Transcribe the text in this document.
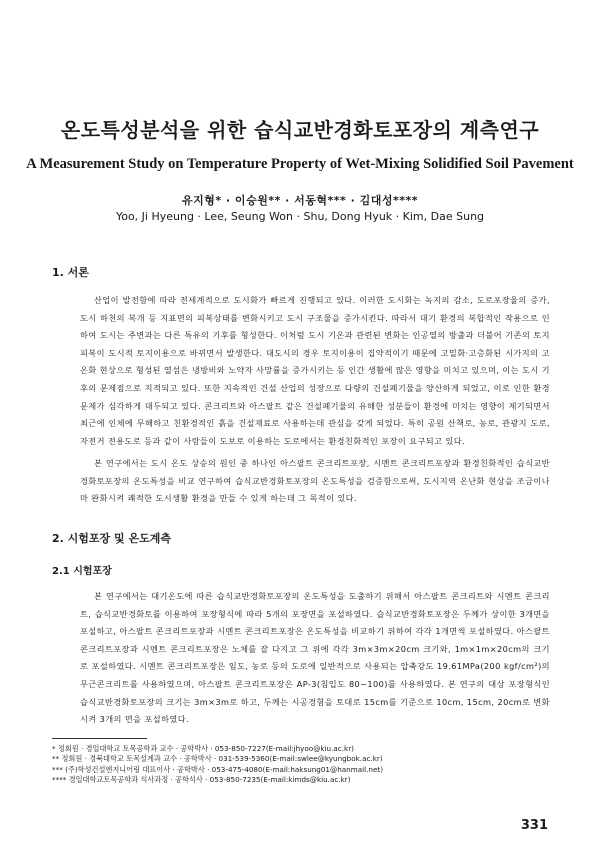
온도특성분석을 위한 습식교반경화토포장의 계측연구
A Measurement Study on Temperature Property of Wet-Mixing Solidified Soil Pavement
유지형* · 이승원** · 서동혁*** · 김대성****
Yoo, Ji Hyeung · Lee, Seung Won · Shu, Dong Hyuk · Kim, Dae Sung
1. 서론

산업이 발전함에 따라 전세계적으로 도시화가 빠르게 진행되고 있다. 이러한 도시화는 녹지의 감소, 도로포장율의 증가, 도시 하천의 복개 등 지표면의 피복상태를 변화시키고 도시 구조물을 증가시킨다. 따라서 대기 환경의 복합적인 작용으로 인하여 도시는 주변과는 다른 특유의 기후를 형성한다. 이처럼 도시 기온과 관련된 변화는 인공열의 방출과 더불어 기존의 토지피복이 도시적 토지이용으로 바뀌면서 발생한다. 대도시의 경우 토지이용이 집약적이기 때문에 고밀화·고층화된 시가지의 고온화 현상으로 형성된 열섬은 냉방비와 노약자 사망률을 증가시키는 등 인간 생활에 많은 영향을 미치고 있으며, 이는 도시 기후의 문제점으로 지적되고 있다. 또한 지속적인 건설 산업의 성장으로 다량의 건설폐기물을 양산하게 되었고, 이로 인한 환경문제가 심각하게 대두되고 있다. 콘크리트와 아스팔트 같은 건설폐기물의 유해한 성분들이 환경에 미치는 영향이 제기되면서 최근에 인체에 무해하고 친환경적인 흙을 건설재료로 사용하는데 관심을 갖게 되었다. 특히 공원 산책로, 농로, 관광지 도로, 자전거 전용도로 등과 같이 사람들이 도보로 이용하는 도로에서는 환경친화적인 포장이 요구되고 있다.

본 연구에서는 도시 온도 상승의 원인 중 하나인 아스팔트 콘크리트포장, 시멘트 콘크리트포장과 환경친화적인 습식교반경화토포장의 온도특성을 비교 연구하여 습식교반경화토포장의 온도특성을 검증함으로써, 도시지역 온난화 현상을 조금이나마 완화시켜 쾌적한 도시생활 환경을 만들 수 있게 하는데 그 목적이 있다.

2. 시험포장 및 온도계측
2.1 시험포장

본 연구에서는 대기온도에 따른 습식교반경화토포장의 온도특성을 도출하기 위해서 아스팔트 콘크리트와 시멘트 콘크리트, 습식교반경화토를 이용하여 포장형식에 따라 5개의 포장면을 포설하였다. 습식교반경화토포장은 두께가 상이한 3개면을 포설하고, 아스팔트 콘크리트포장과 시멘트 콘크리트포장은 온도특성을 비교하기 위하여 각각 1개면씩 포설하였다. 아스팔트 콘크리트포장과 시멘트 콘크리트포장은 노체를 잘 다지고 그 위에 각각 3m×3m×20cm 크기와, 1m×1m×20cm의 크기로 포설하였다. 시멘트 콘크리트포장은 임도, 농로 등의 도로에 일반적으로 사용되는 압축강도 19.61MPa(200 kgf/cm²)의 무근콘크리트를 사용하였으며, 아스팔트 콘크리트포장은 AP-3(침입도 80~100)를 사용하였다. 본 연구의 대상 포장형식인 습식교반경화토포장의 크기는 3m×3m로 하고, 두께는 시공경험을 토대로 15cm를 기준으로 10cm, 15cm, 20cm로 변화시켜 3개의 면을 포설하였다.

* 정회원 · 경일대학교 토목공학과 교수 · 공학박사 · 053-850-7227(E-mail:jhyoo@kiu.ac.kr)
** 정회원 · 경북대학교 토목설계과 교수 · 공학박사 · 031-539-5360(E-mail:swlee@kyungbok.ac.kr)
*** (주)학성건설엔지니어링 대표이사 · 공학박사 · 053-475-4080(E-mail:haksung01@hanmail.net)
**** 경일대학교토목공학과 석사과정 · 공학석사 · 053-850-7235(E-mail:kimds@kiu.ac.kr)
331
